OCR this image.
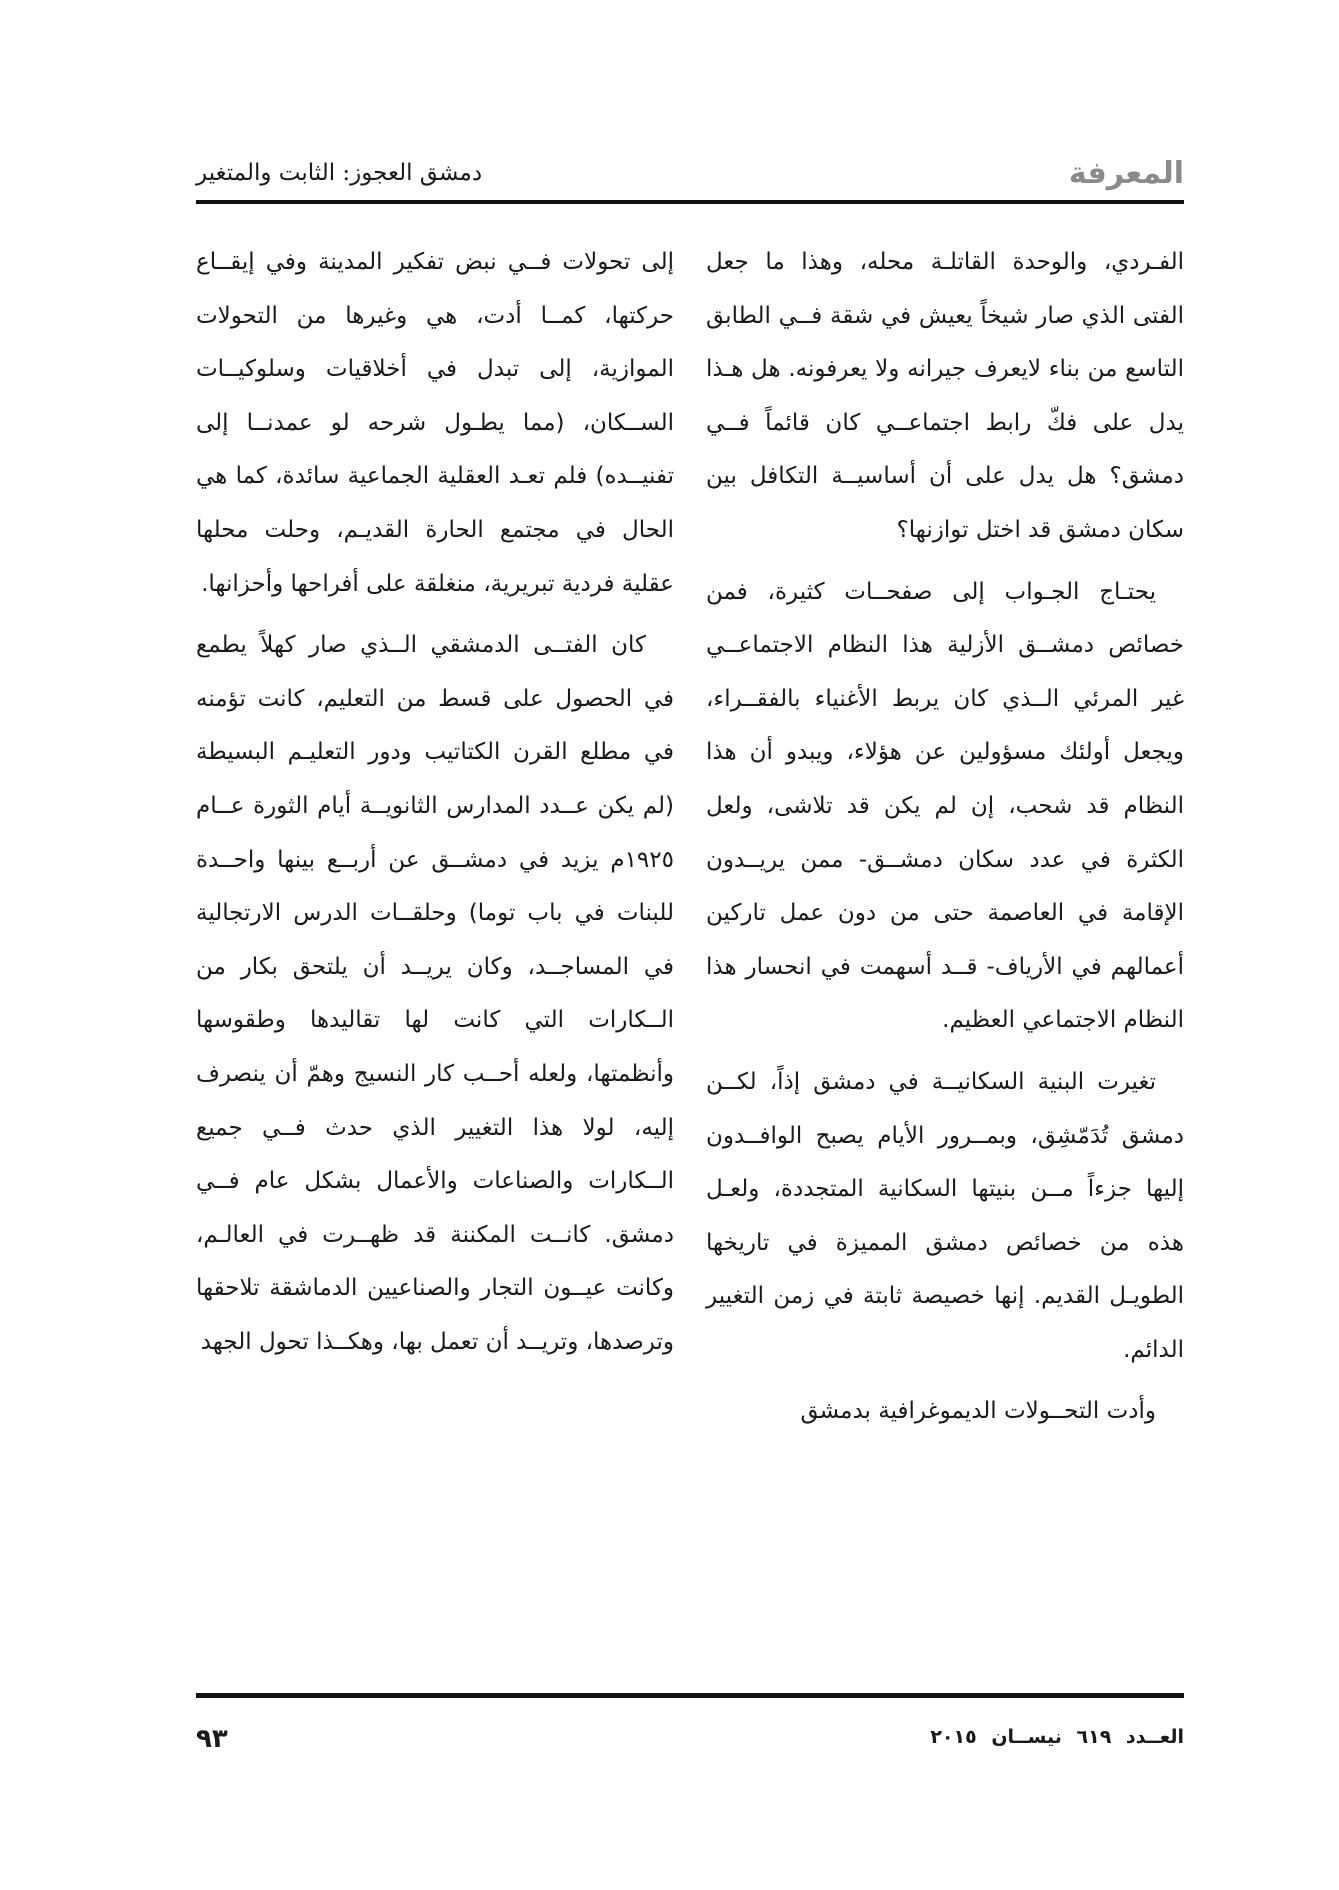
المعرفة
دمشق العجوز: الثابت والمتغير

الفـردي، والوحدة القاتلـة محله، وهذا ما جعل الفتى الذي صار شيخاً يعيش في شقة فــي الطابق التاسع من بناء لايعرف جيرانه ولا يعرفونه. هل هـذا يدل على فكّ رابط اجتماعــي كان قائماً فــي دمشق؟ هل يدل على أن أساسيــة التكافل بين سكان دمشق قد اختل توازنها؟

يحتـاج الجـواب إلى صفحــات كثيرة، فمن خصائص دمشــق الأزلية هذا النظام الاجتماعــي غير المرئي الــذي كان يربط الأغنياء بالفقــراء، ويجعل أولئك مسؤولين عن هؤلاء، ويبدو أن هذا النظام قد شحب، إن لم يكن قد تلاشى، ولعل الكثرة في عدد سكان دمشــق- ممن يريــدون الإقامة في العاصمة حتى من دون عمل تاركين أعمالهم في الأرياف- قــد أسهمت في انحسار هذا النظام الاجتماعي العظيم.

تغيرت البنية السكانيــة في دمشق إذاً، لكــن دمشق تُدَمّشِق، وبمــرور الأيام يصبح الوافــدون إليها جزءاً مــن بنيتها السكانية المتجددة، ولعـل هذه من خصائص دمشق المميزة في تاريخها الطويـل القديم. إنها خصيصة ثابتة في زمن التغيير الدائم.

وأدت التحــولات الديموغرافية بدمشق

إلى تحولات فــي نبض تفكير المدينة وفي إيقــاع حركتها، كمــا أدت، هي وغيرها من التحولات الموازية، إلى تبدل في أخلاقيات وسلوكيــات الســكان، (مما يطـول شرحه لو عمدنــا إلى تفنيــده) فلم تعـد العقلية الجماعية سائدة، كما هي الحال في مجتمع الحارة القديـم، وحلت محلها عقلية فردية تبريرية، منغلقة على أفراحها وأحزانها.

كان الفتــى الدمشقي الــذي صار كهلاً يطمع في الحصول على قسط من التعليم، كانت تؤمنه في مطلع القرن الكتاتيب ودور التعليـم البسيطة (لم يكن عــدد المدارس الثانويــة أيام الثورة عــام ١٩٢٥م يزيد في دمشــق عن أربــع بينها واحــدة للبنات في باب توما) وحلقــات الدرس الارتجالية في المساجــد، وكان يريــد أن يلتحق بكار من الــكارات التي كانت لها تقاليدها وطقوسها وأنظمتها، ولعله أحــب كار النسيج وهمّ أن ينصرف إليه، لولا هذا التغيير الذي حدث فــي جميع الــكارات والصناعات والأعمال بشكل عام فــي دمشق. كانــت المكننة قد ظهــرت في العالـم، وكانت عيــون التجار والصناعيين الدماشقة تلاحقها وترصدها، وتريــد أن تعمل بها، وهكــذا تحول الجهد

العــدد ٦١٩ نيســان ٢٠١٥
٩٣
